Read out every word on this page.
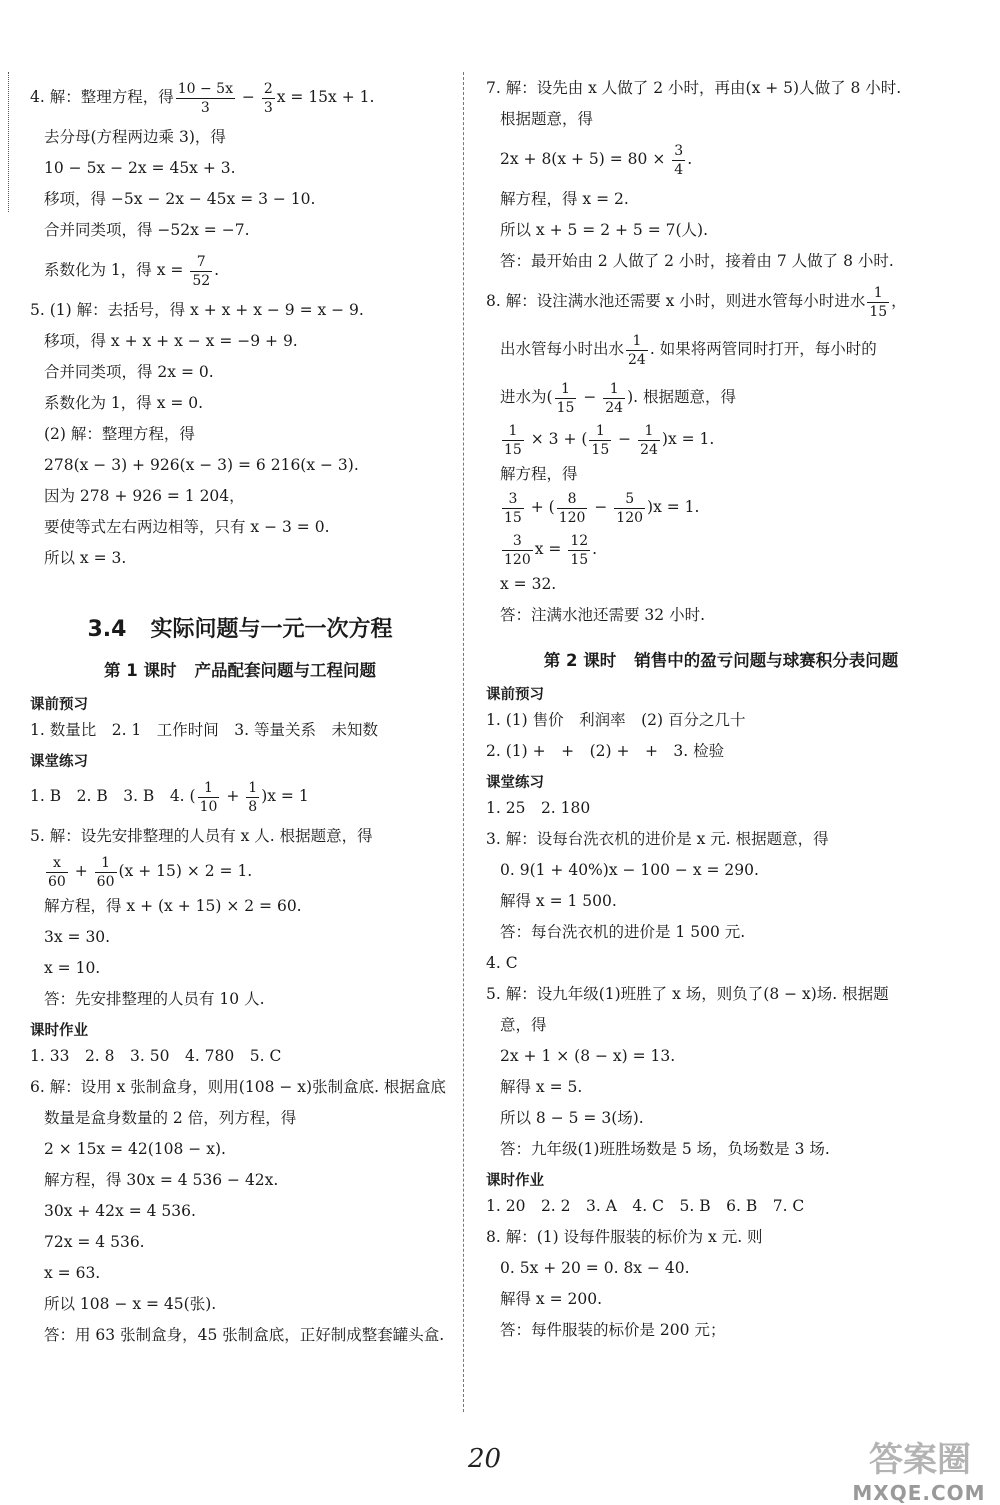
4. 解：整理方程，得 $\frac{10 - 5x}{3} - \frac{2}{3}$ x = 15x + 1.
去分母(方程两边乘 3)，得
10 − 5x − 2x = 45x + 3.
移项，得 −5x − 2x − 45x = 3 − 10.
合并同类项，得 −52x = −7.
系数化为 1，得 $x = \frac{7}{52}$ .
5. (1) 解：去括号，得 x + x + x − 9 = x − 9.
移项，得 x + x + x − x = −9 + 9.
合并同类项，得 2x = 0.
系数化为 1，得 x = 0.
(2) 解：整理方程，得
278(x − 3) + 926(x − 3) = 6 216(x − 3).
因为 278 + 926 = 1 204，
要使等式左右两边相等，只有 x − 3 = 0.
所以 x = 3.
3.4 实际问题与一元一次方程
第 1 课时 产品配套问题与工程问题
课前预习
1. 数量比　2. 1　工作时间　3. 等量关系　未知数
课堂练习
1. B　2. B　3. B　4. ( $\frac{1}{10} + \frac{1}{8} )x = 1$
5. 解：设先安排整理的人员有 x 人. 根据题意，得
$\frac{x}{60} + \frac{1}{60} (x + 15) \times 2 = 1$.
解方程，得 x + (x + 15) × 2 = 60.
3x = 30.
x = 10.
答：先安排整理的人员有 10 人.
课时作业
1. 33　2. 8　3. 50　4. 780　5. C
6. 解：设用 x 张制盒身，则用(108 − x)张制盒底. 根据盒底
数量是盒身数量的 2 倍，列方程，得
2 × 15x = 42(108 − x).
解方程，得 30x = 4 536 − 42x.
30x + 42x = 4 536.
72x = 4 536.
x = 63.
所以 108 − x = 45(张).
答：用 63 张制盒身，45 张制盒底，正好制成整套罐头盒.
7. 解：设先由 x 人做了 2 小时，再由(x + 5)人做了 8 小时.
根据题意，得
$2x + 8(x + 5) = 80 \times \frac{3}{4}$ .
解方程，得 x = 2.
所以 x + 5 = 2 + 5 = 7(人).
答：最开始由 2 人做了 2 小时，接着由 7 人做了 8 小时.
8. 解：设注满水池还需要 x 小时，则进水管每小时进水 $\frac{1}{15}$ ，
出水管每小时出水 $\frac{1}{24}$ . 如果将两管同时打开，每小时的
进水为( $\frac{1}{15} - \frac{1}{24}$ ). 根据题意，得
$\frac{1}{15} \times 3$ + ( $\frac{1}{15} - \frac{1}{24} )x = 1$.
解方程，得
$\frac{3}{15}$ + ( $\frac{8}{120} - \frac{5}{120} )x = 1$.
$\frac{3}{120}$ $x = \frac{12}{15}$ .
x = 32.
答：注满水池还需要 32 小时.
第 2 课时 销售中的盈亏问题与球赛积分表问题
课前预习
1. (1) 售价　利润率　(2) 百分之几十
2. (1) +　+　(2) +　+　3. 检验
课堂练习
1. 25　2. 180
3. 解：设每台洗衣机的进价是 x 元. 根据题意，得
0. 9(1 + 40%)x − 100 − x = 290.
解得 x = 1 500.
答：每台洗衣机的进价是 1 500 元.
4. C
5. 解：设九年级(1)班胜了 x 场，则负了(8 − x)场. 根据题
意，得
2x + 1 × (8 − x) = 13.
解得 x = 5.
所以 8 − 5 = 3(场).
答：九年级(1)班胜场数是 5 场，负场数是 3 场.
课时作业
1. 20　2. 2　3. A　4. C　5. B　6. B　7. C
8. 解：(1) 设每件服装的标价为 x 元. 则
0. 5x + 20 = 0. 8x − 40.
解得 x = 200.
答：每件服装的标价是 200 元；
20	答案圈
MXQE.COM
